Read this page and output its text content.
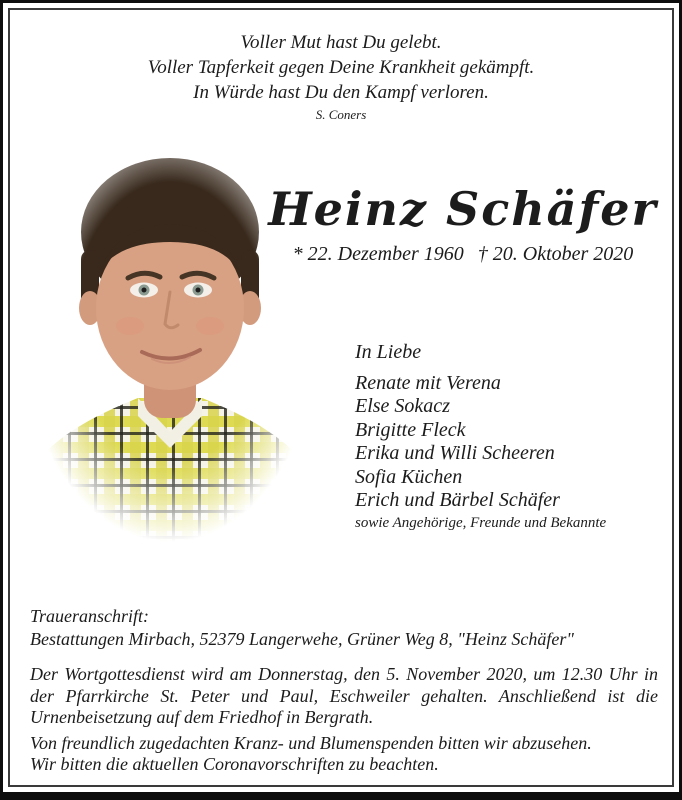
Voller Mut hast Du gelebt.
Voller Tapferkeit gegen Deine Krankheit gekämpft.
In Würde hast Du den Kampf verloren.
S. Coners
Heinz Schäfer
* 22. Dezember 1960 † 20. Oktober 2020
In Liebe
Renate mit Verena
Else Sokacz
Brigitte Fleck
Erika und Willi Scheeren
Sofia Küchen
Erich und Bärbel Schäfer
sowie Angehörige, Freunde und Bekannte
Traueranschrift:
Bestattungen Mirbach, 52379 Langerwehe, Grüner Weg 8, "Heinz Schäfer"

Der Wortgottesdienst wird am Donnerstag, den 5. November 2020, um 12.30 Uhr in der Pfarrkirche St. Peter und Paul, Eschweiler gehalten. Anschließend ist die Urnenbeisetzung auf dem Friedhof in Bergrath.

Von freundlich zugedachten Kranz- und Blumenspenden bitten wir abzusehen.

Wir bitten die aktuellen Coronavorschriften zu beachten.
